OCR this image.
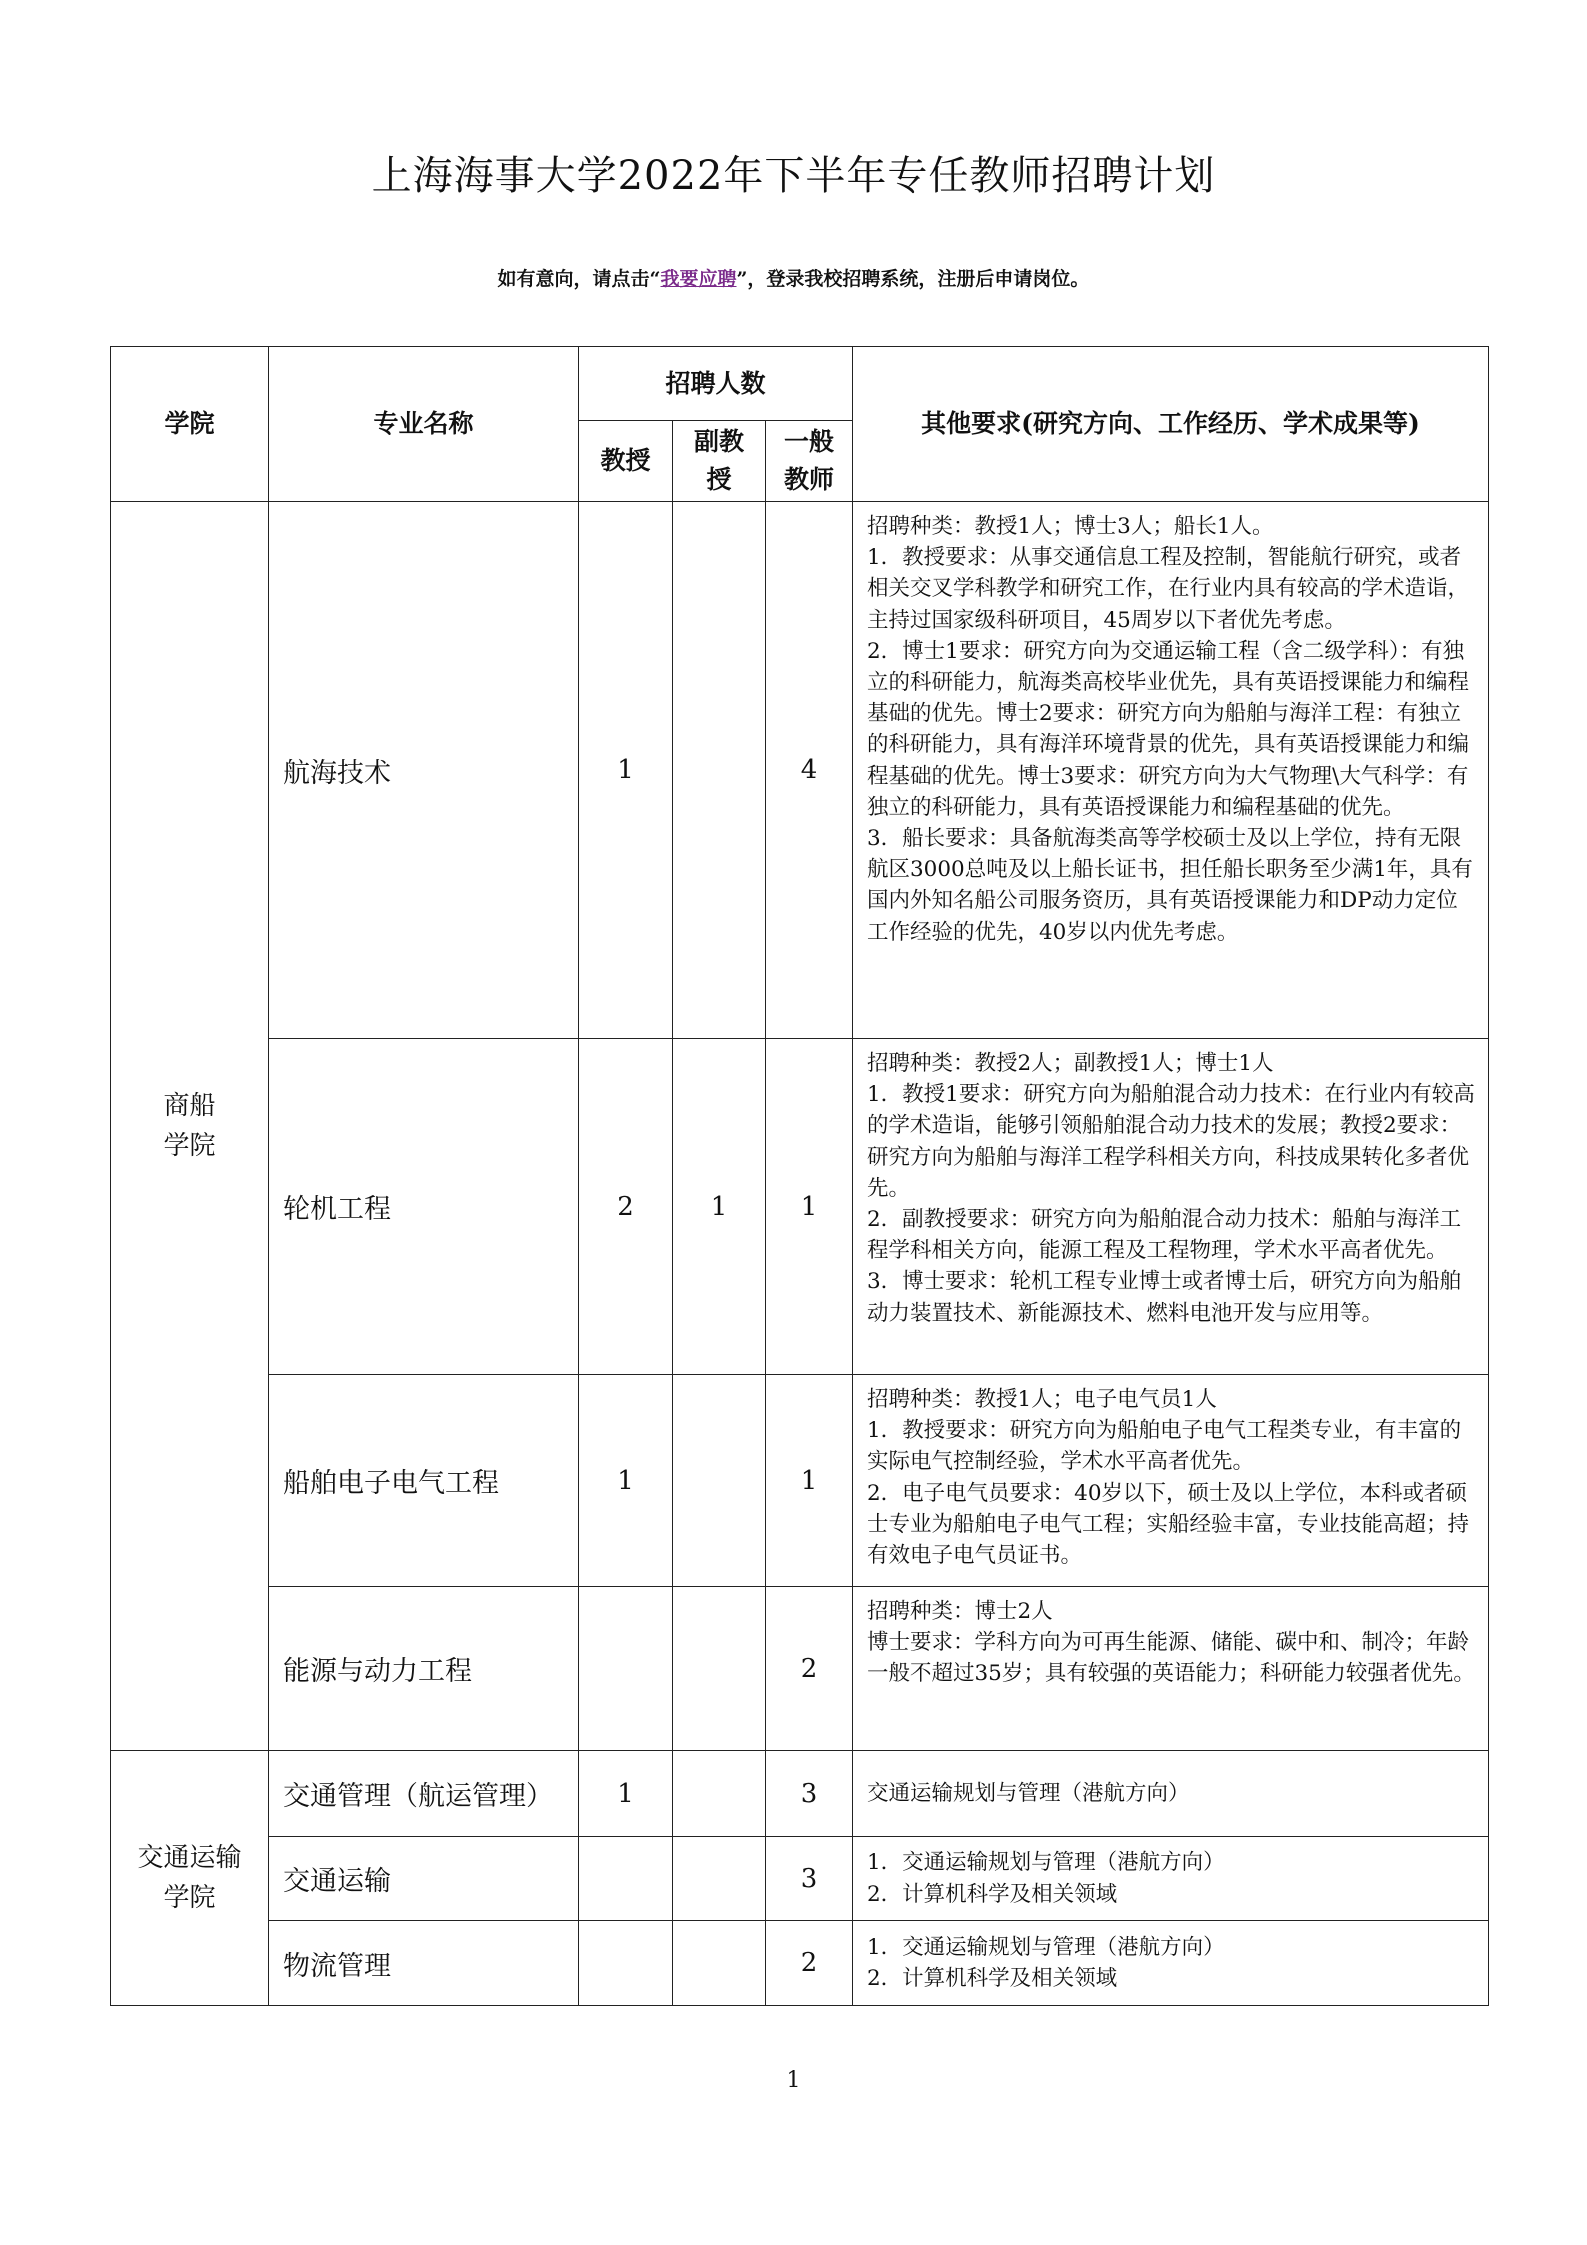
上海海事大学2022年下半年专任教师招聘计划
如有意向，请点击“我要应聘”，登录我校招聘系统，注册后申请岗位。
学院	专业名称	招聘人数			其他要求(研究方向、工作经历、学术成果等)
		教授	副教授	一般教师	
商船学院	航海技术	1		4	招聘种类：教授1人；博士3人；船长1人。
1．教授要求：从事交通信息工程及控制，智能航行研究，或者相关交叉学科教学和研究工作，在行业内具有较高的学术造诣，主持过国家级科研项目，45周岁以下者优先考虑。
2．博士1要求：研究方向为交通运输工程（含二级学科）：有独立的科研能力，航海类高校毕业优先，具有英语授课能力和编程基础的优先。博士2要求：研究方向为船舶与海洋工程：有独立的科研能力，具有海洋环境背景的优先，具有英语授课能力和编程基础的优先。博士3要求：研究方向为大气物理\大气科学：有独立的科研能力，具有英语授课能力和编程基础的优先。
3．船长要求：具备航海类高等学校硕士及以上学位，持有无限航区3000总吨及以上船长证书，担任船长职务至少满1年，具有国内外知名船公司服务资历，具有英语授课能力和DP动力定位工作经验的优先，40岁以内优先考虑。

	轮机工程	2	1	1	招聘种类：教授2人；副教授1人；博士1人
1．教授1要求：研究方向为船舶混合动力技术：在行业内有较高的学术造诣，能够引领船舶混合动力技术的发展；教授2要求：研究方向为船舶与海洋工程学科相关方向，科技成果转化多者优先。
2．副教授要求：研究方向为船舶混合动力技术：船舶与海洋工程学科相关方向，能源工程及工程物理，学术水平高者优先。
3．博士要求：轮机工程专业博士或者博士后，研究方向为船舶动力装置技术、新能源技术、燃料电池开发与应用等。

	船舶电子电气工程	1		1	招聘种类：教授1人；电子电气员1人
1．教授要求：研究方向为船舶电子电气工程类专业，有丰富的实际电气控制经验，学术水平高者优先。
2．电子电气员要求：40岁以下，硕士及以上学位，本科或者硕士专业为船舶电子电气工程；实船经验丰富，专业技能高超；持有效电子电气员证书。

	能源与动力工程			2	招聘种类：博士2人
博士要求：学科方向为可再生能源、储能、碳中和、制冷；年龄一般不超过35岁；具有较强的英语能力；科研能力较强者优先。

交通运输学院	交通管理（航运管理）	1		3	交通运输规划与管理（港航方向）

	交通运输			3	1．交通运输规划与管理（港航方向）
2．计算机科学及相关领域

	物流管理			2	1．交通运输规划与管理（港航方向）
2．计算机科学及相关领域
1
